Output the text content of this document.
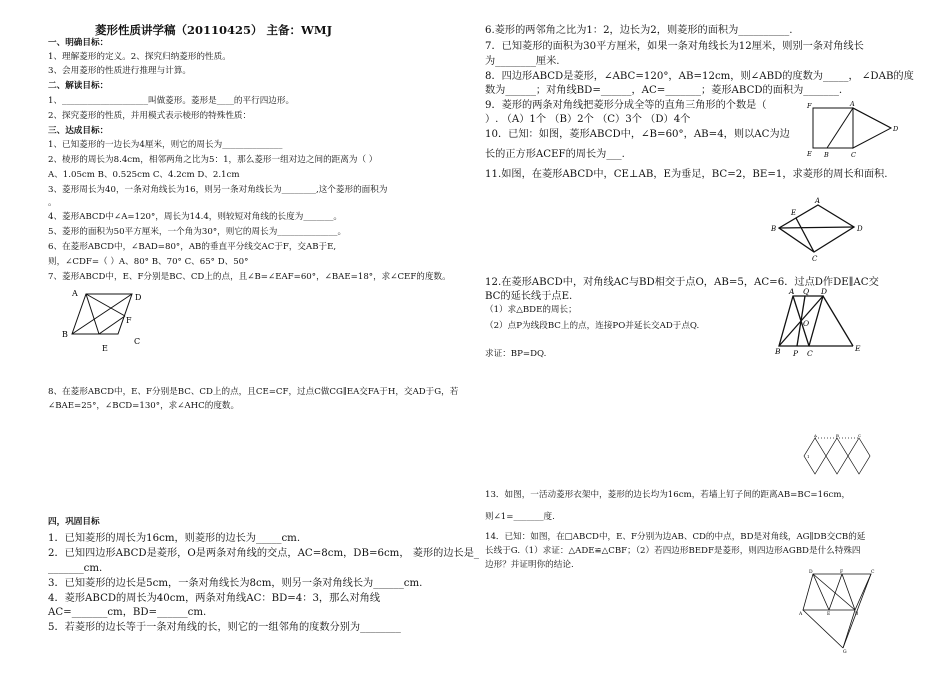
菱形性质讲学稿（20110425） 主备：WMJ
一、明确目标：
1、理解菱形的定义。2、探究归纳菱形的性质。
3、会用菱形的性质进行推理与计算。
二、解读目标：
1、____________________叫做菱形。菱形是____的平行四边形。
2、探究菱形的性质，并用模式表示棱形的特殊性质：
三、达成目标：
1、已知菱形的一边长为4厘米，则它的周长为______________
2、棱形的周长为8.4cm，相邻两角之比为5：1，那么菱形一组对边之间的距离为（ ）
A、1.05cm B、0.525cm C、4.2cm D、2.1cm
3、菱形周长为40，一条对角线长为16，则另一条对角线长为________,这个菱形的面积为
。
4、菱形ABCD中∠A=120°，周长为14.4，则较短对角线的长度为_______。
5、菱形的面积为50平方厘米，一个角为30°，则它的周长为______________。
6、在菱形ABCD中，∠BAD=80°，AB的垂直平分线交AC于F，交AB于E,
则，∠CDF=（ ）A、80° B、70° C、65° D、50°
7、菱形ABCD中，E、F分别是BC、CD上的点，且∠B=∠EAF=60°，∠BAE=18°，求∠CEF的度数。
A	D
F
B
E
C
8、在菱形ABCD中，E、F分别是BC、CD上的点，且CE=CF，过点C做CG∥EA交FA于H，交AD于G，若
∠BAE=25°，∠BCD=130°，求∠AHC的度数。
四，巩固目标
1．已知菱形的周长为16cm，则菱形的边长为_____cm.
2．已知四边形ABCD是菱形，O是两条对角线的交点，AC=8cm，DB=6cm， 菱形的边长是_
_______cm.
3．已知菱形的边长是5cm，一条对角线长为8cm，则另一条对角线长为______cm.
4．菱形ABCD的周长为40cm，两条对角线AC：BD=4：3，那么对角线
AC=_______cm，BD=______cm.
5．若菱形的边长等于一条对角线的长，则它的一组邻角的度数分别为________
6.菱形的两邻角之比为1：2，边长为2，则菱形的面积为__________.
7．已知菱形的面积为30平方厘米，如果一条对角线长为12厘米，则别一条对角线长
为________厘米.
8．四边形ABCD是菱形，∠ABC=120°，AB=12cm，则∠ABD的度数为_____， ∠DAB的度
数为______；对角线BD=______，AC=_______；菱形ABCD的面积为_______.
9．菱形的两条对角线把菱形分成全等的直角三角形的个数是（
）. （A）1个 （B）2个 （C）3个 （D）4个
10．已知：如图，菱形ABCD中，∠B=60°，AB=4，则以AC为边
长的正方形ACEF的周长为___.
F	A
D
E B	C
11.如图，在菱形ABCD中，CE⊥AB，E为垂足，BC=2，BE=1，求菱形的周长和面积.
A
E
B	D
C
12.在菱形ABCD中，对角线AC与BD相交于点O，AB=5，AC=6．过点D作DE∥AC交
BC的延长线于点E.
（1）求△BDE的周长；
（2）点P为线段BC上的点，连接PO并延长交AD于点Q.
求证：BP=DQ.
A Q D
O
B P C
E
A	B	C
1
13．如图，一活动菱形衣架中，菱形的边长均为16cm，若墙上钉子间的距离AB=BC=16cm，
则∠1=_______度.
14．已知：如图，在□ABCD中，E、F分别为边AB、CD的中点，BD是对角线，AG∥DB交CB的延
长线于G.（1）求证：△ADE≌△CBF；（2）若四边形BEDF是菱形，则四边形AGBD是什么特殊四
边形？并证明你的结论.
D	F	C
A	E	B
G
